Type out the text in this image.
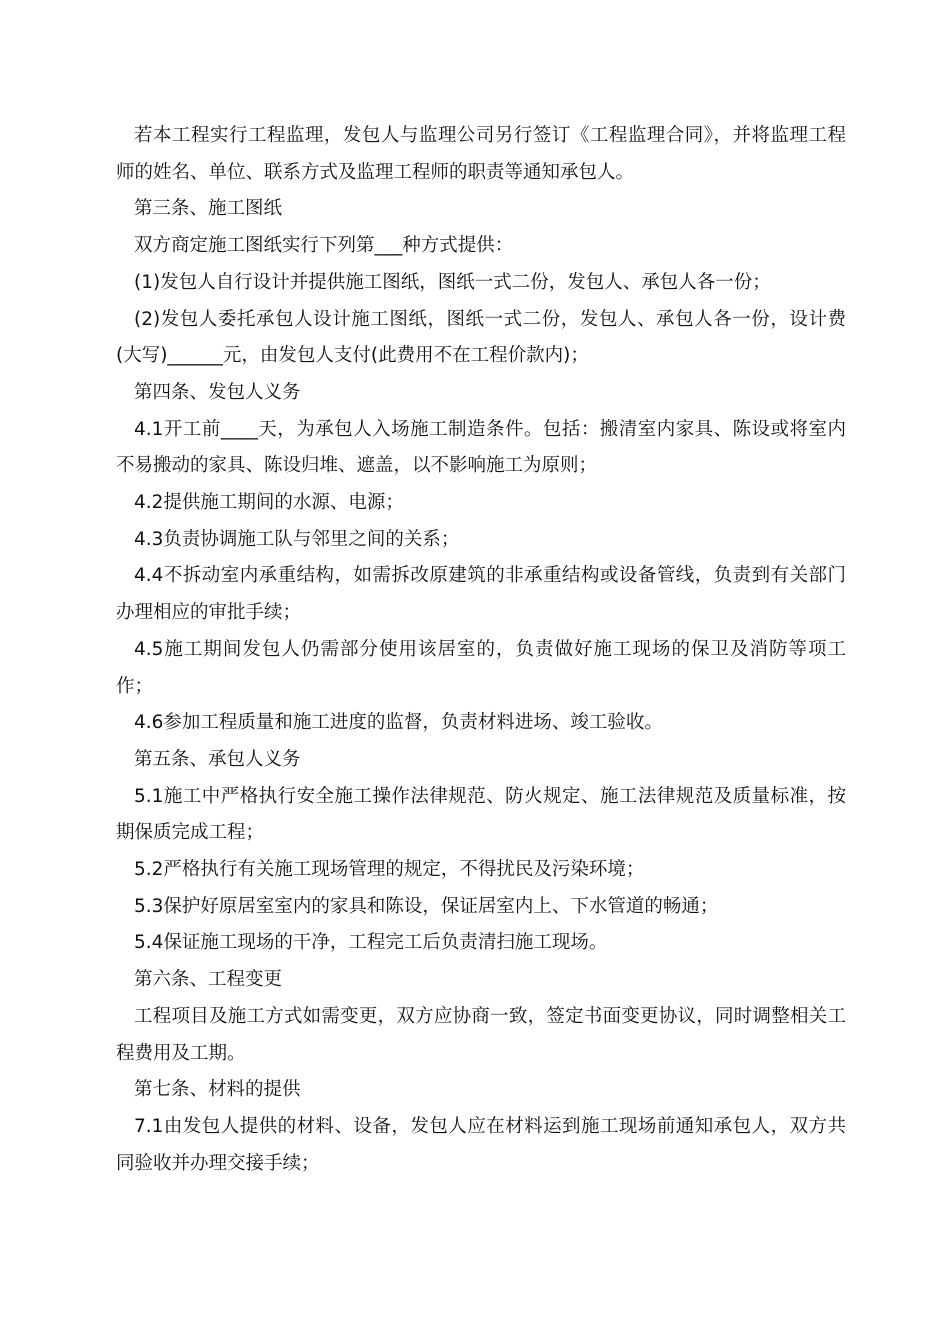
若本工程实行工程监理，发包人与监理公司另行签订《工程监理合同》，并将监理工程师的姓名、单位、联系方式及监理工程师的职责等通知承包人。

第三条、施工图纸

双方商定施工图纸实行下列第___种方式提供：

(1)发包人自行设计并提供施工图纸，图纸一式二份，发包人、承包人各一份；

(2)发包人委托承包人设计施工图纸，图纸一式二份，发包人、承包人各一份，设计费(大写)______元，由发包人支付(此费用不在工程价款内)；

第四条、发包人义务

4.1开工前____天，为承包人入场施工制造条件。包括：搬清室内家具、陈设或将室内不易搬动的家具、陈设归堆、遮盖，以不影响施工为原则；

4.2提供施工期间的水源、电源；

4.3负责协调施工队与邻里之间的关系；

4.4不拆动室内承重结构，如需拆改原建筑的非承重结构或设备管线，负责到有关部门办理相应的审批手续；

4.5施工期间发包人仍需部分使用该居室的，负责做好施工现场的保卫及消防等项工作；

4.6参加工程质量和施工进度的监督，负责材料进场、竣工验收。

第五条、承包人义务

5.1施工中严格执行安全施工操作法律规范、防火规定、施工法律规范及质量标准，按期保质完成工程；

5.2严格执行有关施工现场管理的规定，不得扰民及污染环境；

5.3保护好原居室室内的家具和陈设，保证居室内上、下水管道的畅通；

5.4保证施工现场的干净，工程完工后负责清扫施工现场。

第六条、工程变更

工程项目及施工方式如需变更，双方应协商一致，签定书面变更协议，同时调整相关工程费用及工期。

第七条、材料的提供

7.1由发包人提供的材料、设备，发包人应在材料运到施工现场前通知承包人，双方共同验收并办理交接手续；
